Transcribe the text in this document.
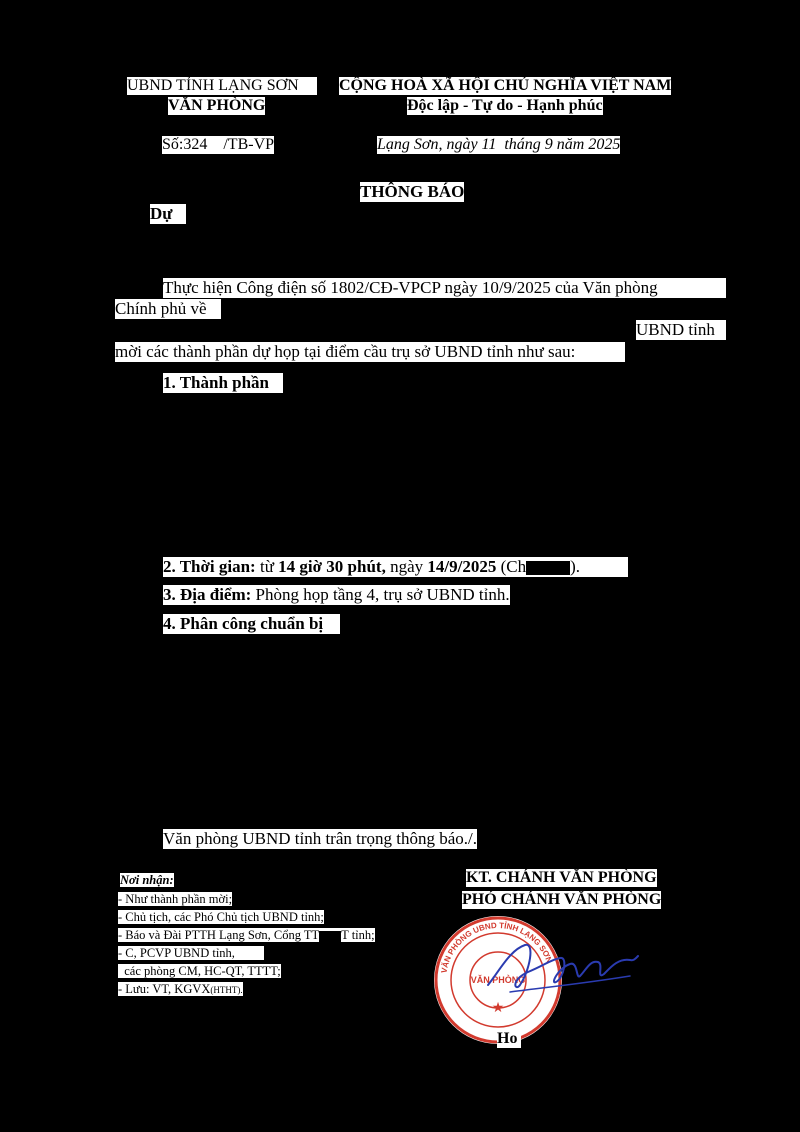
UBND TỈNH LẠNG SƠN
VĂN PHÒNG
CỘNG HOÀ XÃ HỘI CHỦ NGHĨA VIỆT NAM
Độc lập - Tự do - Hạnh phúc
Số:324 /TB-VP	Lạng Sơn, ngày 11 tháng 9 năm 2025
THÔNG BÁO
Dự
Thực hiện Công điện số 1802/CĐ-VPCP ngày 10/9/2025 của Văn phòng
Chính phủ về
UBND tỉnh
mời các thành phần dự họp tại điểm cầu trụ sở UBND tỉnh như sau:
1. Thành phần
2. Thời gian: từ 14 giờ 30 phút, ngày 14/9/2025 (Ch	).
3. Địa điểm: Phòng họp tầng 4, trụ sở UBND tỉnh.
4. Phân công chuẩn bị
Văn phòng UBND tỉnh trân trọng thông báo./.
Nơi nhận:
- Như thành phần mời;
- Chủ tịch, các Phó Chủ tịch UBND tỉnh;
- Báo và Đài PTTH Lạng Sơn, Cổng TT T tỉnh;
- C, PCVP UBND tỉnh,
các phòng CM, HC-QT, TTTT;
- Lưu: VT, KGVX(HTHT).
KT. CHÁNH VĂN PHÒNG
PHÓ CHÁNH VĂN PHÒNG
VĂN PHÒNG UBND TỈNH LẠNG SƠN
VĂN PHÒNG
★
Ho
